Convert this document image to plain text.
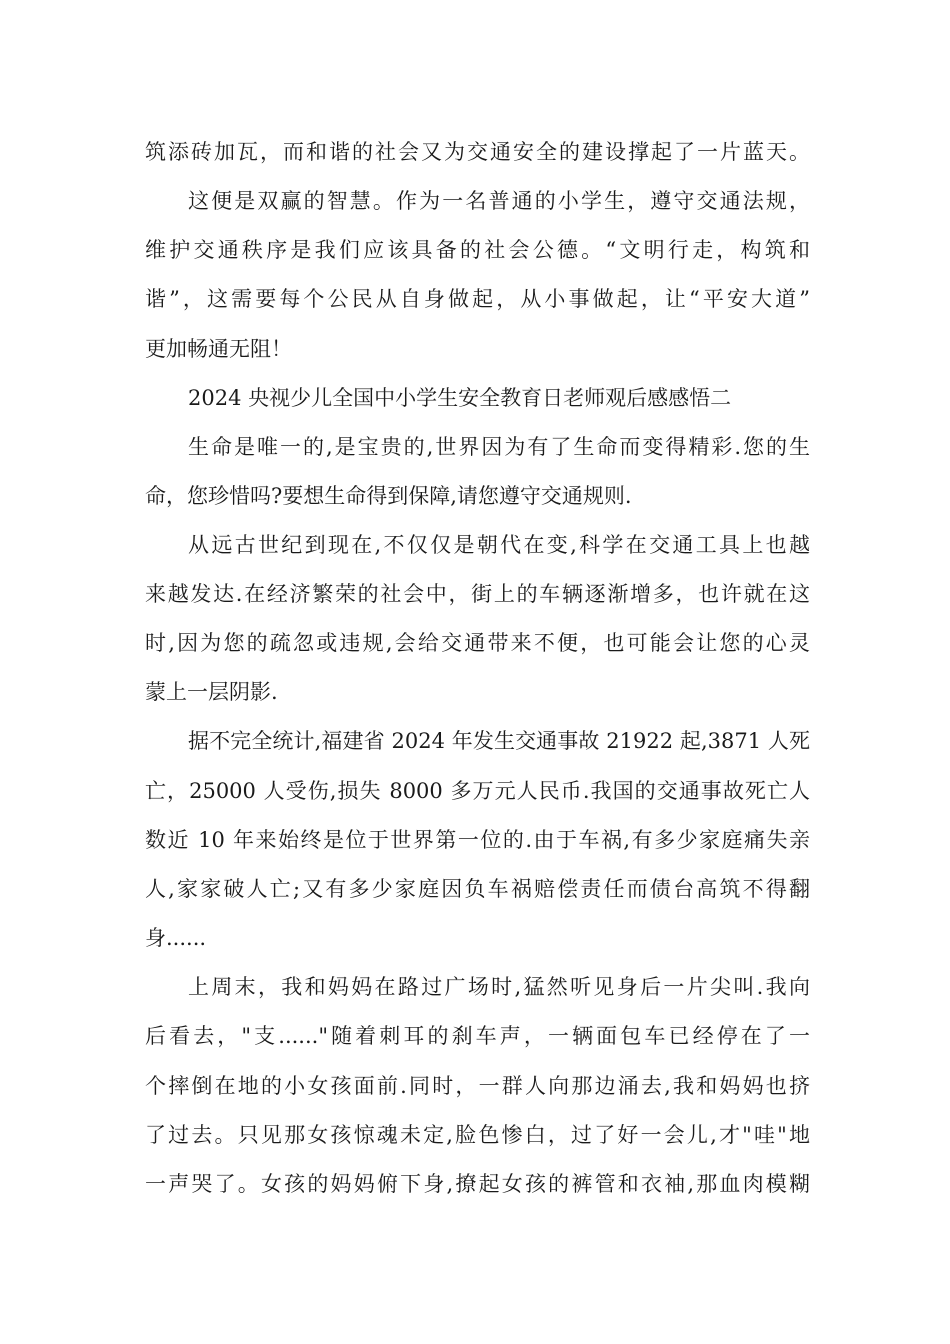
筑添砖加瓦，而和谐的社会又为交通安全的建设撑起了一片蓝天。
这便是双赢的智慧。作为一名普通的小学生，遵守交通法规，
维护交通秩序是我们应该具备的社会公德。“文明行走，构筑和
谐”，这需要每个公民从自身做起，从小事做起，让“平安大道”
更加畅通无阻！
2024 央视少儿全国中小学生安全教育日老师观后感感悟二
生命是唯一的,是宝贵的,世界因为有了生命而变得精彩.您的生
命，您珍惜吗?要想生命得到保障,请您遵守交通规则.
从远古世纪到现在,不仅仅是朝代在变,科学在交通工具上也越
来越发达.在经济繁荣的社会中，街上的车辆逐渐增多，也许就在这
时,因为您的疏忽或违规,会给交通带来不便，也可能会让您的心灵
蒙上一层阴影.
据不完全统计,福建省 2024 年发生交通事故 21922 起,3871 人死
亡，25000 人受伤,损失 8000 多万元人民币.我国的交通事故死亡人
数近 10 年来始终是位于世界第一位的.由于车祸,有多少家庭痛失亲
人,家家破人亡;又有多少家庭因负车祸赔偿责任而债台高筑不得翻
身......
上周末，我和妈妈在路过广场时,猛然听见身后一片尖叫.我向
后看去，"支......"随着刺耳的刹车声，一辆面包车已经停在了一
个摔倒在地的小女孩面前.同时，一群人向那边涌去,我和妈妈也挤
了过去。只见那女孩惊魂未定,脸色惨白，过了好一会儿,才"哇"地
一声哭了。女孩的妈妈俯下身,撩起女孩的裤管和衣袖,那血肉模糊
